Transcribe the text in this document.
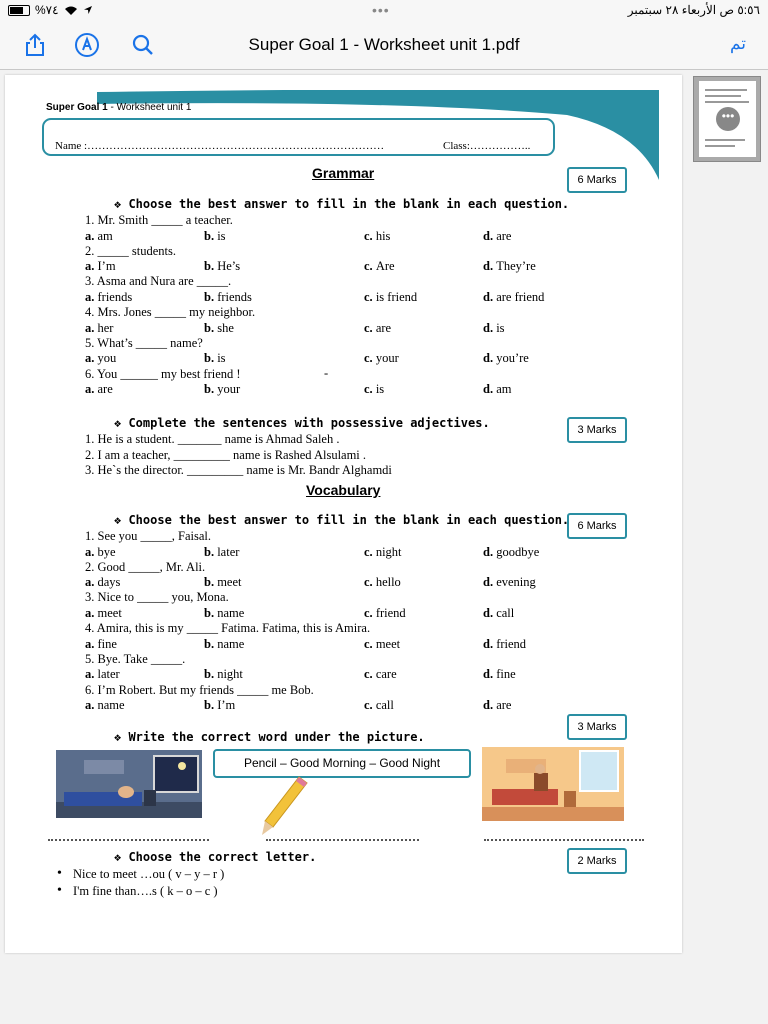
%٧٤	•••	٥:٥٦ ص الأربعاء ٢٨ سبتمبر
Super Goal 1 - Worksheet unit 1.pdf	تم
•••
Super Goal 1 - Worksheet unit 1
Name :………………………………………………………………………	Class:……………..
Grammar	6 Marks
❖ Choose the best answer to fill in the blank in each question.
1. Mr. Smith _____ a teacher.
a. am	b. is	c. his	d. are
2. _____ students.
a. I’m	b. He’s	c. Are	d. They’re
3. Asma and Nura are _____.
a. friends	b. friends	c. is friend	d. are friend
4. Mrs. Jones _____ my neighbor.
a. her	b. she	c. are	d. is
5. What’s _____ name?
a. you	b. is	c. your	d. you’re
6. You ______ my best friend !
a. are	b. your	c. is	d. am
-
❖ Complete the sentences with possessive adjectives.	3 Marks
1. He is a student. _______ name is Ahmad Saleh .
2. I am a teacher, _________ name is Rashed Alsulami .
3. He`s the director. _________ name is Mr. Bandr Alghamdi
Vocabulary
6 Marks
❖ Choose the best answer to fill in the blank in each question.
1. See you _____, Faisal.
a. bye	b. later	c. night	d. goodbye
2. Good _____, Mr. Ali.
a. days	b. meet	c. hello	d. evening
3. Nice to _____ you, Mona.
a. meet	b. name	c. friend	d. call
4. Amira, this is my _____ Fatima. Fatima, this is Amira.
a. fine	b. name	c. meet	d. friend
5. Bye. Take _____.
a. later	b. night	c. care	d. fine
6. I’m Robert. But my friends _____ me Bob.
a. name	b. I’m	c. call	d. are
3 Marks
❖ Write the correct word under the picture.
Pencil – Good Morning – Good Night
❖ Choose the correct letter.	2 Marks
• Nice to meet …ou ( v – y – r )
• I'm fine than….s ( k – o – c )
